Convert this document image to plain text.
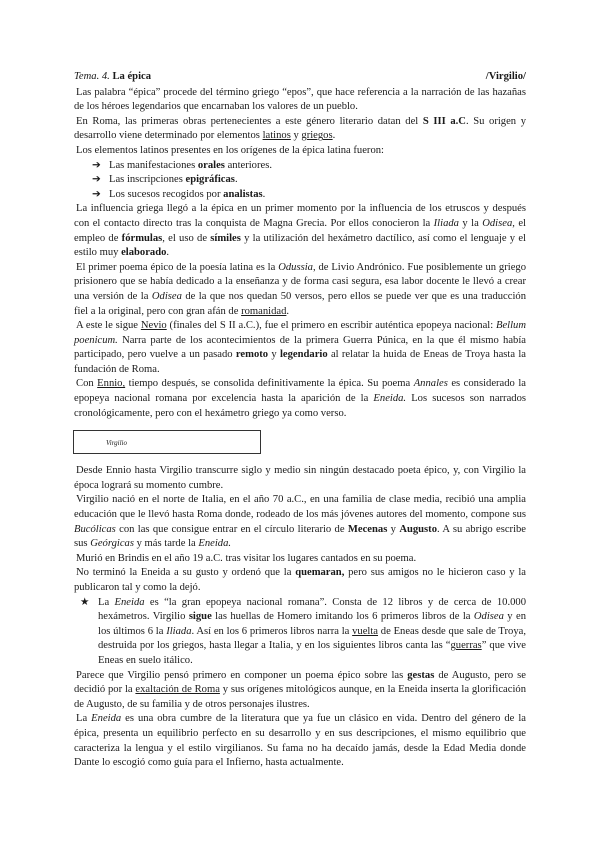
Tema. 4. La épica	/Virgilio/

Las palabra “épica” procede del término griego “epos”, que hace referencia a la narración de las hazañas de los héroes legendarios que encarnaban los valores de un pueblo.

En Roma, las primeras obras pertenecientes a este género literario datan del S III a.C. Su origen y desarrollo viene determinado por elementos latinos y griegos.

Los elementos latinos presentes en los orígenes de la épica latina fueron:

➔ Las manifestaciones orales anteriores.
➔ Las inscripciones epigráficas.
➔ Los sucesos recogidos por analistas.

La influencia griega llegó a la épica en un primer momento por la influencia de los etruscos y después con el contacto directo tras la conquista de Magna Grecia. Por ellos conocieron la Iliada y la Odisea, el empleo de fórmulas, el uso de símiles y la utilización del hexámetro dactílico, así como el lenguaje y el estilo muy elaborado.

El primer poema épico de la poesía latina es la Odussia, de Livio Andrónico. Fue posiblemente un griego prisionero que se había dedicado a la enseñanza y de forma casi segura, esa labor docente le llevó a crear una versión de la Odisea de la que nos quedan 50 versos, pero ellos se puede ver que es una traducción fiel a la original, pero con gran afán de romanidad.

A este le sigue Nevio (finales del S II a.C.), fue el primero en escribir auténtica epopeya nacional: Bellum poenicum. Narra parte de los acontecimientos de la primera Guerra Púnica, en la que él mismo había participado, pero vuelve a un pasado remoto y legendario al relatar la huida de Eneas de Troya hasta la fundación de Roma.

Con Ennio, tiempo después, se consolida definitivamente la épica. Su poema Annales es considerado la epopeya nacional romana por excelencia hasta la aparición de la Eneida. Los sucesos son narrados cronológicamente, pero con el hexámetro griego ya como verso.

Virgilio

Desde Ennio hasta Virgilio transcurre siglo y medio sin ningún destacado poeta épico, y, con Virgilio la época logrará su momento cumbre.

Virgilio nació en el norte de Italia, en el año 70 a.C., en una familia de clase media, recibió una amplia educación que le llevó hasta Roma donde, rodeado de los más jóvenes autores del momento, compone sus Bucólicas con las que consigue entrar en el círculo literario de Mecenas y Augusto. A su abrigo escribe sus Geórgicas y más tarde la Eneida.

Murió en Brindis en el año 19 a.C. tras visitar los lugares cantados en su poema.

No terminó la Eneida a su gusto y ordenó que la quemaran, pero sus amigos no le hicieron caso y la publicaron tal y como la dejó.

★ La Eneida es “la gran epopeya nacional romana”. Consta de 12 libros y de cerca de 10.000 hexámetros. Virgilio sigue las huellas de Homero imitando los 6 primeros libros de la Odisea y en los últimos 6 la Iliada. Así en los 6 primeros libros narra la vuelta de Eneas desde que sale de Troya, destruida por los griegos, hasta llegar a Italia, y en los siguientes libros canta las “guerras” que vive Eneas en suelo itálico.

Parece que Virgilio pensó primero en componer un poema épico sobre las gestas de Augusto, pero se decidió por la exaltación de Roma y sus orígenes mitológicos aunque, en la Eneida inserta la glorificación de Augusto, de su familia y de otros personajes ilustres.

La Eneida es una obra cumbre de la literatura que ya fue un clásico en vida. Dentro del género de la épica, presenta un equilibrio perfecto en su desarrollo y en sus descripciones, el mismo equilibrio que caracteriza la lengua y el estilo virgilianos. Su fama no ha decaído jamás, desde la Edad Media donde Dante lo escogió como guía para el Infierno, hasta actualmente.
